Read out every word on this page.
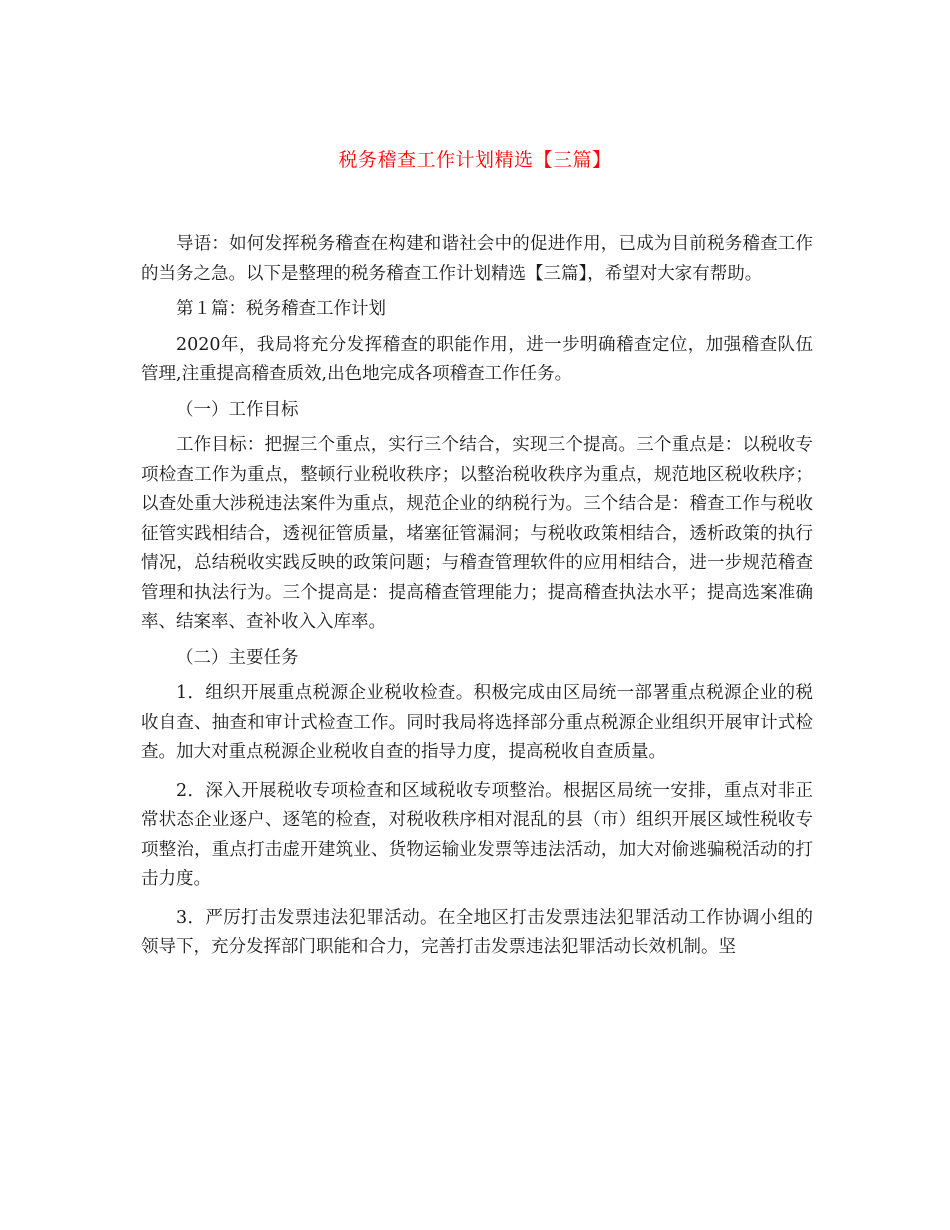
税务稽查工作计划精选【三篇】

导语：如何发挥税务稽查在构建和谐社会中的促进作用，已成为目前税务稽查工作的当务之急。以下是整理的税务稽查工作计划精选【三篇】，希望对大家有帮助。

第１篇：税务稽查工作计划

2020年，我局将充分发挥稽查的职能作用，进一步明确稽查定位，加强稽查队伍管理,注重提高稽查质效,出色地完成各项稽查工作任务。

（一）工作目标

工作目标：把握三个重点，实行三个结合，实现三个提高。三个重点是：以税收专项检查工作为重点，整顿行业税收秩序；以整治税收秩序为重点，规范地区税收秩序；以查处重大涉税违法案件为重点，规范企业的纳税行为。三个结合是：稽查工作与税收征管实践相结合，透视征管质量，堵塞征管漏洞；与税收政策相结合，透析政策的执行情况，总结税收实践反映的政策问题；与稽查管理软件的应用相结合，进一步规范稽查管理和执法行为。三个提高是：提高稽查管理能力；提高稽查执法水平；提高选案准确率、结案率、查补收入入库率。

（二）主要任务

1．组织开展重点税源企业税收检查。积极完成由区局统一部署重点税源企业的税收自查、抽查和审计式检查工作。同时我局将选择部分重点税源企业组织开展审计式检查。加大对重点税源企业税收自查的指导力度，提高税收自查质量。

2．深入开展税收专项检查和区域税收专项整治。根据区局统一安排，重点对非正常状态企业逐户、逐笔的检查，对税收秩序相对混乱的县（市）组织开展区域性税收专项整治，重点打击虚开建筑业、货物运输业发票等违法活动，加大对偷逃骗税活动的打击力度。

3．严厉打击发票违法犯罪活动。在全地区打击发票违法犯罪活动工作协调小组的领导下，充分发挥部门职能和合力，完善打击发票违法犯罪活动长效机制。坚
